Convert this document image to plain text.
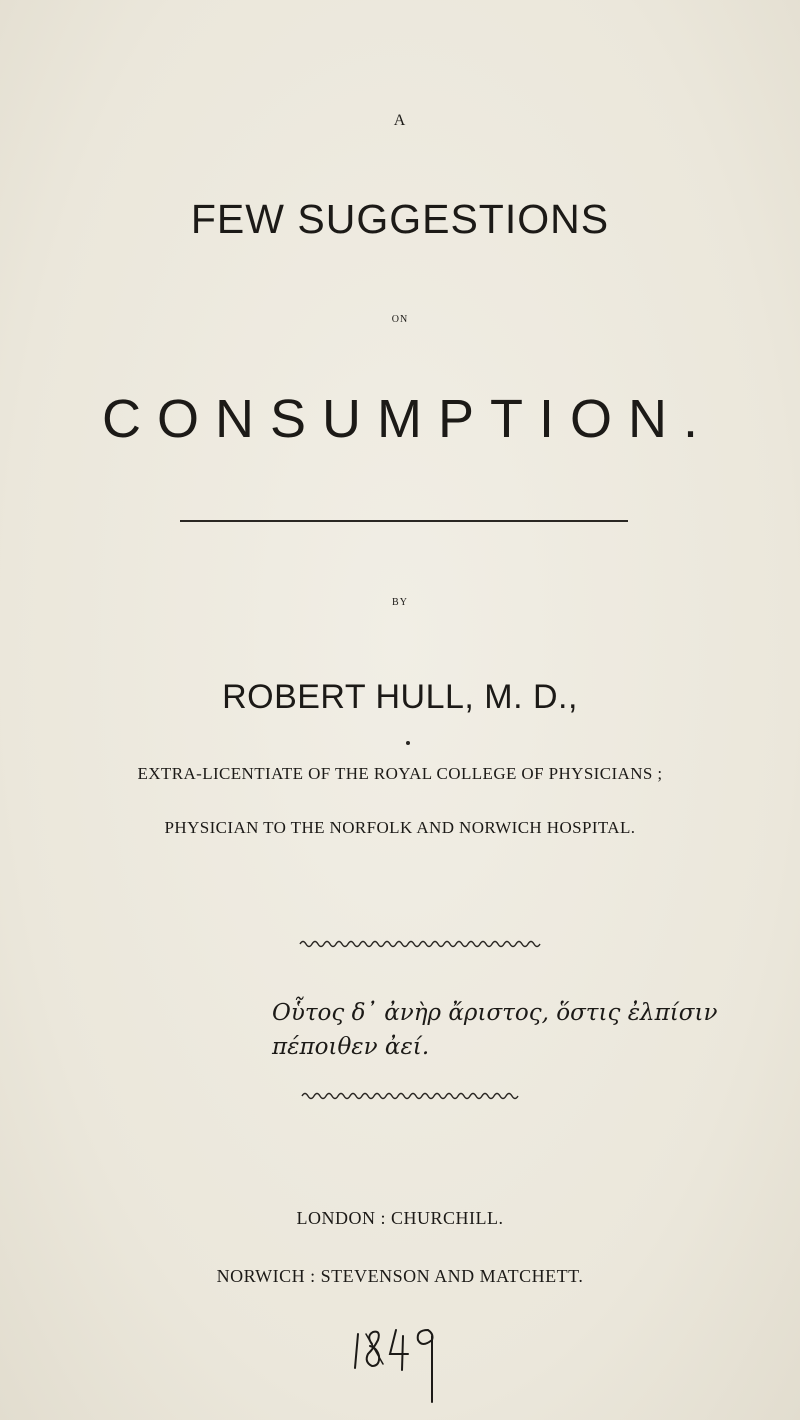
A
FEW SUGGESTIONS
ON
CONSUMPTION.
BY
ROBERT HULL, M. D.,
EXTRA-LICENTIATE OF THE ROYAL COLLEGE OF PHYSICIANS ;
PHYSICIAN TO THE NORFOLK AND NORWICH HOSPITAL.
Οὗτος δ᾽ ἀνὴρ ἄριστος, ὅστις ἐλπίσιν
πέποιθεν ἀεί.
LONDON : CHURCHILL.
NORWICH : STEVENSON AND MATCHETT.
